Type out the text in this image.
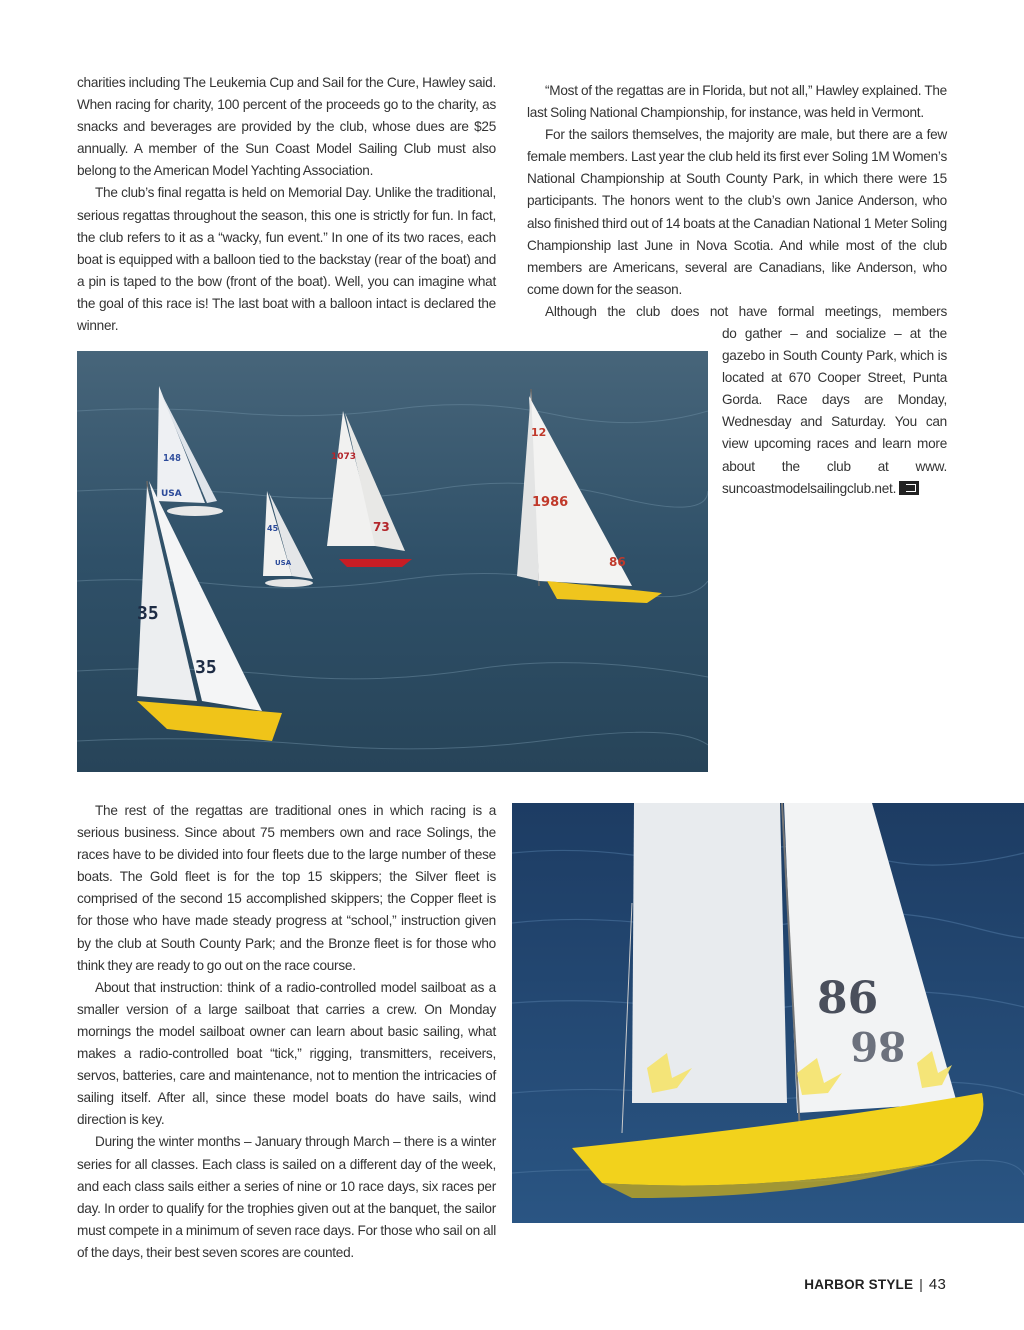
charities including The Leukemia Cup and Sail for the Cure, Hawley said. When racing for charity, 100 percent of the proceeds go to the charity, as snacks and beverages are provided by the club, whose dues are $25 annually. A member of the Sun Coast Model Sailing Club must also belong to the American Model Yachting Association.

The club’s final regatta is held on Memorial Day. Unlike the traditional, serious regattas throughout the season, this one is strictly for fun. In fact, the club refers to it as a “wacky, fun event.” In one of its two races, each boat is equipped with a balloon tied to the backstay (rear of the boat) and a pin is taped to the bow (front of the boat). Well, you can imagine what the goal of this race is! The last boat with a balloon intact is declared the winner.

“Most of the regattas are in Florida, but not all,” Hawley explained. The last Soling National Championship, for instance, was held in Vermont.

For the sailors themselves, the majority are male, but there are a few female members. Last year the club held its first ever Soling 1M Women’s National Championship at South County Park, in which there were 15 participants. The honors went to the club’s own Janice Anderson, who also finished third out of 14 boats at the Canadian National 1 Meter Soling Championship last June in Nova Scotia. And while most of the club members are Americans, several are Canadians, like Anderson, who come down for the season.

Although the club does not have formal meetings, members

do gather – and socialize – at the gazebo in South County Park, which is located at 670 Cooper Street, Punta Gorda. Race days are Monday, Wednesday and Saturday. You can view upcoming races and learn more about the club at www. suncoastmodelsailingclub.net.

148
USA
1073
73
45
USA
12
1986
86
35
35
86
86

The rest of the regattas are traditional ones in which racing is a serious business. Since about 75 members own and race Solings, the races have to be divided into four fleets due to the large number of these boats. The Gold fleet is for the top 15 skippers; the Silver fleet is comprised of the second 15 accomplished skippers; the Copper fleet is for those who have made steady progress at “school,” instruction given by the club at South County Park; and the Bronze fleet is for those who think they are ready to go out on the race course.

About that instruction: think of a radio-controlled model sailboat as a smaller version of a large sailboat that carries a crew. On Monday mornings the model sailboat owner can learn about basic sailing, what makes a radio-controlled boat “tick,” rigging, transmitters, receivers, servos, batteries, care and maintenance, not to mention the intricacies of sailing itself. After all, since these model boats do have sails, wind direction is key.

During the winter months – January through March – there is a winter series for all classes. Each class is sailed on a different day of the week, and each class sails either a series of nine or 10 race days, six races per day. In order to qualify for the trophies given out at the banquet, the sailor must compete in a minimum of seven race days. For those who sail on all of the days, their best seven scores are counted.

HARBOR STYLE | 43
